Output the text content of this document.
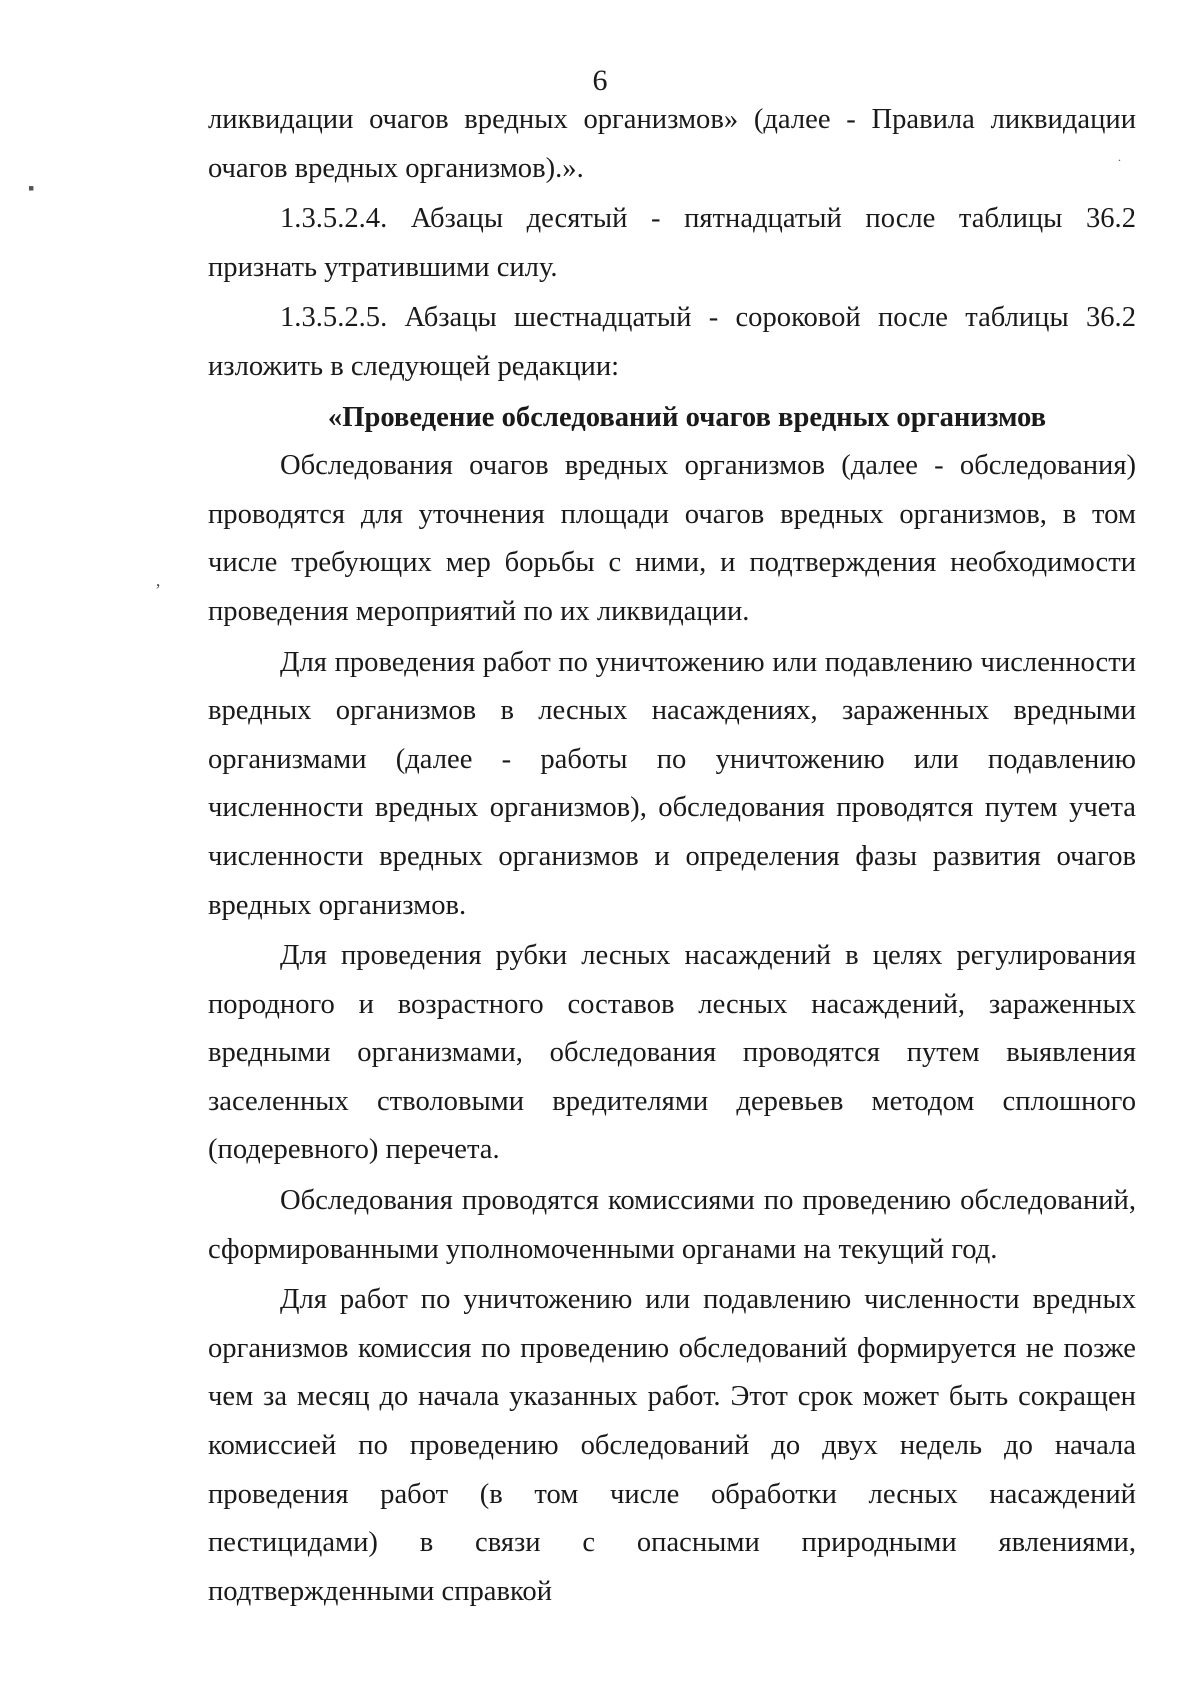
6

ликвидации очагов вредных организмов» (далее - Правила ликвидации очагов вредных организмов).».

1.3.5.2.4. Абзацы десятый - пятнадцатый после таблицы 36.2 признать утратившими силу.

1.3.5.2.5. Абзацы шестнадцатый - сороковой после таблицы 36.2 изложить в следующей редакции:

«Проведение обследований очагов вредных организмов

Обследования очагов вредных организмов (далее - обследования) проводятся для уточнения площади очагов вредных организмов, в том числе требующих мер борьбы с ними, и подтверждения необходимости проведения мероприятий по их ликвидации.

Для проведения работ по уничтожению или подавлению численности вредных организмов в лесных насаждениях, зараженных вредными организмами (далее - работы по уничтожению или подавлению численности вредных организмов), обследования проводятся путем учета численности вредных организмов и определения фазы развития очагов вредных организмов.

Для проведения рубки лесных насаждений в целях регулирования породного и возрастного составов лесных насаждений, зараженных вредными организмами, обследования проводятся путем выявления заселенных стволовыми вредителями деревьев методом сплошного (подеревного) перечета.

Обследования проводятся комиссиями по проведению обследований, сформированными уполномоченными органами на текущий год.

Для работ по уничтожению или подавлению численности вредных организмов комиссия по проведению обследований формируется не позже чем за месяц до начала указанных работ. Этот срок может быть сокращен комиссией по проведению обследований до двух недель до начала проведения работ (в том числе обработки лесных насаждений пестицидами) в связи с опасными природными явлениями, подтвержденными справкой

▪
.
ʼ
